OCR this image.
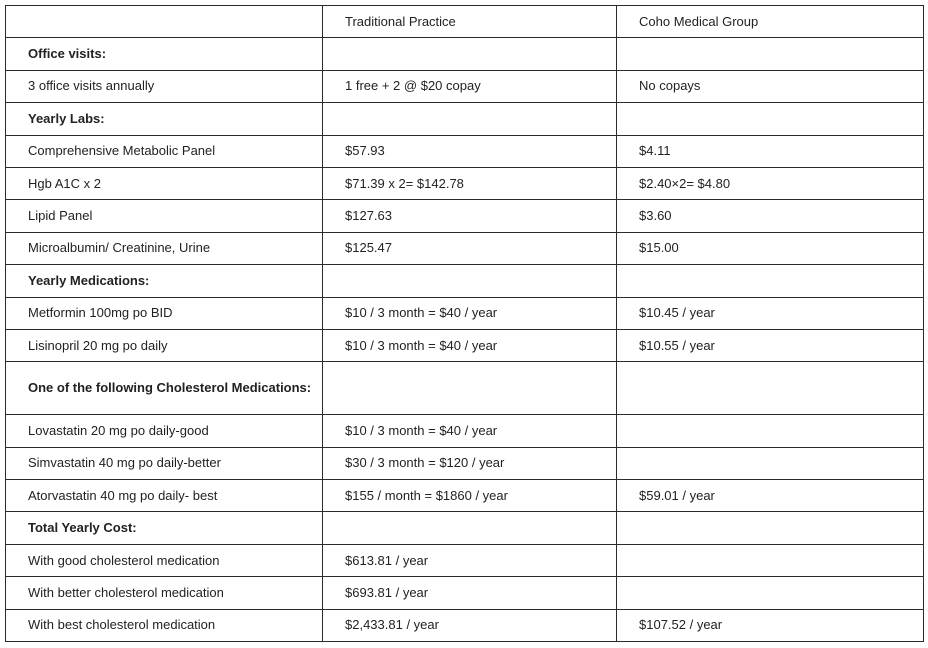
	Traditional Practice	Coho Medical Group
Office visits:		
3 office visits annually	1 free + 2 @ $20 copay	No copays
Yearly Labs:		
Comprehensive Metabolic Panel	$57.93	$4.11
Hgb A1C x 2	$71.39 x 2= $142.78	$2.40×2= $4.80
Lipid Panel	$127.63	$3.60
Microalbumin/ Creatinine, Urine	$125.47	$15.00
Yearly Medications:		
Metformin 100mg po BID	$10 / 3 month = $40 / year	$10.45 / year
Lisinopril 20 mg po daily	$10 / 3 month = $40 / year	$10.55 / year
One of the following Cholesterol Medications:		
Lovastatin 20 mg po daily-good	$10 / 3 month = $40 / year	
Simvastatin 40 mg po daily-better	$30 / 3 month = $120 / year	
Atorvastatin 40 mg po daily- best	$155 / month = $1860 / year	$59.01 / year
Total Yearly Cost:		
With good cholesterol medication	$613.81 / year	
With better cholesterol medication	$693.81 / year	
With best cholesterol medication	$2,433.81 / year	$107.52 / year
